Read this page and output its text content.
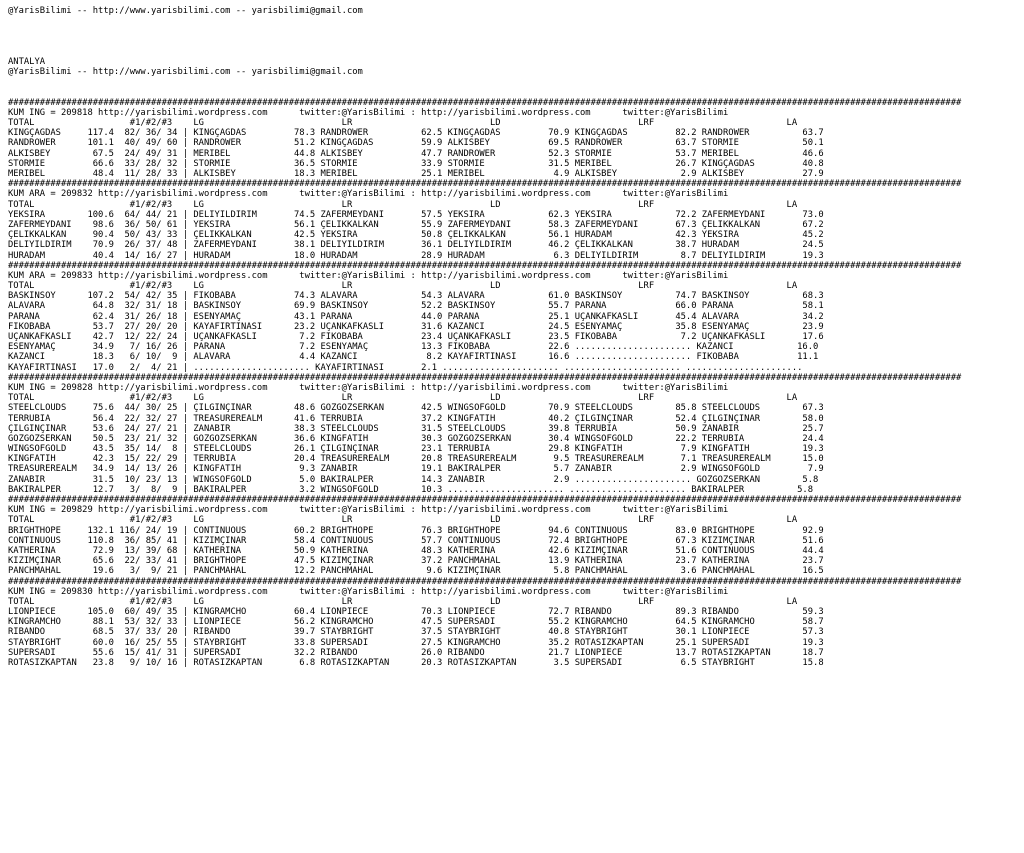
@YarisBilimi -- http://www.yarisbilimi.com -- yarisbilimi@gmail.com
ANTALYA
@YarisBilimi -- http://www.yarisbilimi.com -- yarisbilimi@gmail.com
####################################################################################################################################################################################
KUM ING = 209818 http://yarisbilimi.wordpress.com      twitter:@YarisBilimi : http://yarisbilimi.wordpress.com      twitter:@YarisBilimi
TOTAL                  #1/#2/#3    LG                          LR                          LD                          LRF                         LA
KINGÇAGDAS     117.4  82/ 36/ 34 | KINGÇAGDAS         78.3 RANDROWER          62.5 KINGÇAGDAS         70.9 KINGÇAGDAS         82.2 RANDROWER          63.7
RANDROWER      101.1  40/ 49/ 60 | RANDROWER          51.2 KINGÇAGDAS         59.9 ALKISBEY           69.5 RANDROWER          63.7 STORMIE            50.1
ALKISBEY        67.5  24/ 49/ 31 | MERIBEL            44.8 ALKISBEY           47.7 RANDROWER          52.3 STORMIE            53.7 MERIBEL            46.6
STORMIE         66.6  33/ 28/ 32 | STORMIE            36.5 STORMIE            33.9 STORMIE            31.5 MERIBEL            26.7 KINGÇAGDAS         40.8
MERIBEL         48.4  11/ 28/ 33 | ALKISBEY           18.3 MERIBEL            25.1 MERIBEL             4.9 ALKISBEY            2.9 ALKISBEY           27.9
####################################################################################################################################################################################
KUM ARA = 209832 http://yarisbilimi.wordpress.com      twitter:@YarisBilimi : http://yarisbilimi.wordpress.com      twitter:@YarisBilimi
TOTAL                  #1/#2/#3    LG                          LR                          LD                          LRF                         LA
YEKSIRA        100.6  64/ 44/ 21 | DELIYILDIRIM       74.5 ZAFERMEYDANI       57.5 YEKSIRA            62.3 YEKSIRA            72.2 ZAFERMEYDANI       73.0
ZAFERMEYDANI    98.6  36/ 50/ 61 | YEKSIRA            56.1 ÇELIKKALKAN        55.9 ZAFERMEYDANI       58.3 ZAFERMEYDANI       67.3 ÇELIKKALKAN        67.2
ÇELIKKALKAN     90.4  50/ 43/ 33 | ÇELIKKALKAN        42.5 YEKSIRA            50.8 ÇELIKKALKAN        56.1 HÜRADAM            42.3 YEKSIRA            45.2
DELIYILDIRIM    70.9  26/ 37/ 48 | ZAFERMEYDANI       38.1 DELIYILDIRIM       36.1 DELIYILDIRIM       46.2 ÇELIKKALKAN        38.7 HÜRADAM            24.5
HÜRADAM         40.4  14/ 16/ 27 | HÜRADAM            18.0 HÜRADAM            28.9 HÜRADAM             6.3 DELIYILDIRIM        8.7 DELIYILDIRIM       19.3
####################################################################################################################################################################################
KUM ARA = 209833 http://yarisbilimi.wordpress.com      twitter:@YarisBilimi : http://yarisbilimi.wordpress.com      twitter:@YarisBilimi
TOTAL                  #1/#2/#3    LG                          LR                          LD                          LRF                         LA
BASKINSOY      107.2  54/ 42/ 35 | FIKOBABA           74.3 ALAVARA            54.3 ALAVARA            61.0 BASKINSOY          74.7 BASKINSOY          68.3
ALAVARA         64.8  32/ 31/ 18 | BASKINSOY          69.9 BASKINSOY          52.2 BASKINSOY          55.7 PARANA             66.0 PARANA             58.1
PARANA          62.4  31/ 26/ 18 | ESENYAMAÇ          43.1 PARANA             44.0 PARANA             25.1 UÇANKAFKASLI       45.4 ALAVARA            34.2
FIKOBABA        53.7  27/ 20/ 20 | KAYAFIRTINASI      23.2 UÇANKAFKASLI       31.6 KAZANCI            24.5 ESENYAMAÇ          35.8 ESENYAMAÇ          23.9
UÇANKAFKASLI    42.7  12/ 22/ 24 | UÇANKAFKASLI        7.2 FIKOBABA           23.4 UÇANKAFKASLI       23.5 FIKOBABA            7.2 UÇANKAFKASLI       17.6
ESENYAMAÇ       34.9   7/ 16/ 26 | PARANA              7.2 ESENYAMAÇ          13.3 FIKOBABA           22.6 ...................... KAZANCI            16.0
KAZANCI         18.3   6/ 10/  9 | ALAVARA             4.4 KAZANCI             8.2 KAYAFIRTINASI      16.6 ...................... FIKOBABA           11.1
KAYAFIRTINASI   17.0   2/  4/ 21 | ...................... KAYAFIRTINASI       2.1 ...................... ...................... ......................
####################################################################################################################################################################################
KUM ING = 209828 http://yarisbilimi.wordpress.com      twitter:@YarisBilimi : http://yarisbilimi.wordpress.com      twitter:@YarisBilimi
TOTAL                  #1/#2/#3    LG                          LR                          LD                          LRF                         LA
STEELCLOUDS     75.6  44/ 30/ 25 | ÇILGINÇINAR        48.6 GÖZGÖZSERKAN       42.5 WINGSOFGOLD        70.9 STEELCLOUDS        85.8 STEELCLOUDS        67.3
TERRUBIA        56.4  22/ 32/ 27 | TREASUREREALM      41.6 TERRUBIA           37.2 KINGFATIH          40.2 ÇILGINÇINAR        52.4 ÇILGINÇINAR        58.0
ÇILGINÇINAR     53.6  24/ 27/ 21 | ZANABIR            38.3 STEELCLOUDS        31.5 STEELCLOUDS        39.8 TERRUBIA           50.9 ZANABIR            25.7
GÖZGÖZSERKAN    50.5  23/ 21/ 32 | GÖZGÖZSERKAN       36.6 KINGFATIH          30.3 GÖZGÖZSERKAN       30.4 WINGSOFGOLD        22.2 TERRUBIA           24.4
WINGSOFGOLD     43.5  35/ 14/  8 | STEELCLOUDS        26.1 ÇILGINÇINAR        23.1 TERRUBIA           29.8 KINGFATIH           7.9 KINGFATIH          19.3
KINGFATIH       42.3  15/ 22/ 29 | TERRUBIA           20.4 TREASUREREALM      20.8 TREASUREREALM       9.5 TREASUREREALM       7.1 TREASUREREALM      15.0
TREASUREREALM   34.9  14/ 13/ 26 | KINGFATIH           9.3 ZANABIR            19.1 BAKIRALPER          5.7 ZANABIR             2.9 WINGSOFGOLD         7.9
ZANABIR         31.5  10/ 23/ 13 | WINGSOFGOLD         5.0 BAKIRALPER         14.3 ZANABIR             2.9 ...................... GÖZGÖZSERKAN        5.8
BAKIRALPER      12.7   3/  8/  9 | BAKIRALPER          3.2 WINGSOFGOLD        10.3 ...................... ...................... BAKIRALPER          5.8
####################################################################################################################################################################################
KUM ING = 209829 http://yarisbilimi.wordpress.com      twitter:@YarisBilimi : http://yarisbilimi.wordpress.com      twitter:@YarisBilimi
TOTAL                  #1/#2/#3    LG                          LR                          LD                          LRF                         LA
BRIGHTHOPE     132.1 116/ 24/ 19 | CONTINUOUS         60.2 BRIGHTHOPE         76.3 BRIGHTHOPE         94.6 CONTINUOUS         83.0 BRIGHTHOPE         92.9
CONTINUOUS     110.8  36/ 85/ 41 | KIZIMÇINAR         58.4 CONTINUOUS         57.7 CONTINUOUS         72.4 BRIGHTHOPE         67.3 KIZIMÇINAR         51.6
KATHERINA       72.9  13/ 39/ 68 | KATHERINA          50.9 KATHERINA          48.3 KATHERINA          42.6 KIZIMÇINAR         51.6 CONTINUOUS         44.4
KIZIMÇINAR      65.6  22/ 33/ 41 | BRIGHTHOPE         47.5 KIZIMÇINAR         37.2 PANCHMAHAL         13.9 KATHERINA          23.7 KATHERINA          23.7
PANCHMAHAL      19.6   3/  9/ 21 | PANCHMAHAL         12.2 PANCHMAHAL          9.6 KIZIMÇINAR          5.8 PANCHMAHAL          3.6 PANCHMAHAL         16.5
####################################################################################################################################################################################
KUM ING = 209830 http://yarisbilimi.wordpress.com      twitter:@YarisBilimi : http://yarisbilimi.wordpress.com      twitter:@YarisBilimi
TOTAL                  #1/#2/#3    LG                          LR                          LD                          LRF                         LA
LIONPIECE      105.0  60/ 49/ 35 | KINGRAMCHO         60.4 LIONPIECE          70.3 LIONPIECE          72.7 RIBANDO            89.3 RIBANDO            59.3
KINGRAMCHO      88.1  53/ 32/ 33 | LIONPIECE          56.2 KINGRAMCHO         47.5 SÜPERSADI          55.2 KINGRAMCHO         64.5 KINGRAMCHO         58.7
RIBANDO         68.5  37/ 33/ 20 | RIBANDO            39.7 STAYBRIGHT         37.5 STAYBRIGHT         40.8 STAYBRIGHT         30.1 LIONPIECE          57.3
STAYBRIGHT      60.0  16/ 25/ 55 | STAYBRIGHT         33.8 SÜPERSADI          27.5 KINGRAMCHO         35.2 ROTASIZKAPTAN      25.1 SÜPERSADI          19.3
SÜPERSADI       55.6  15/ 41/ 31 | SÜPERSADI          32.2 RIBANDO            26.0 RIBANDO            21.7 LIONPIECE          13.7 ROTASIZKAPTAN      18.7
ROTASIZKAPTAN   23.8   9/ 10/ 16 | ROTASIZKAPTAN       6.8 ROTASIZKAPTAN      20.3 ROTASIZKAPTAN       3.5 SÜPERSADI           6.5 STAYBRIGHT         15.8
